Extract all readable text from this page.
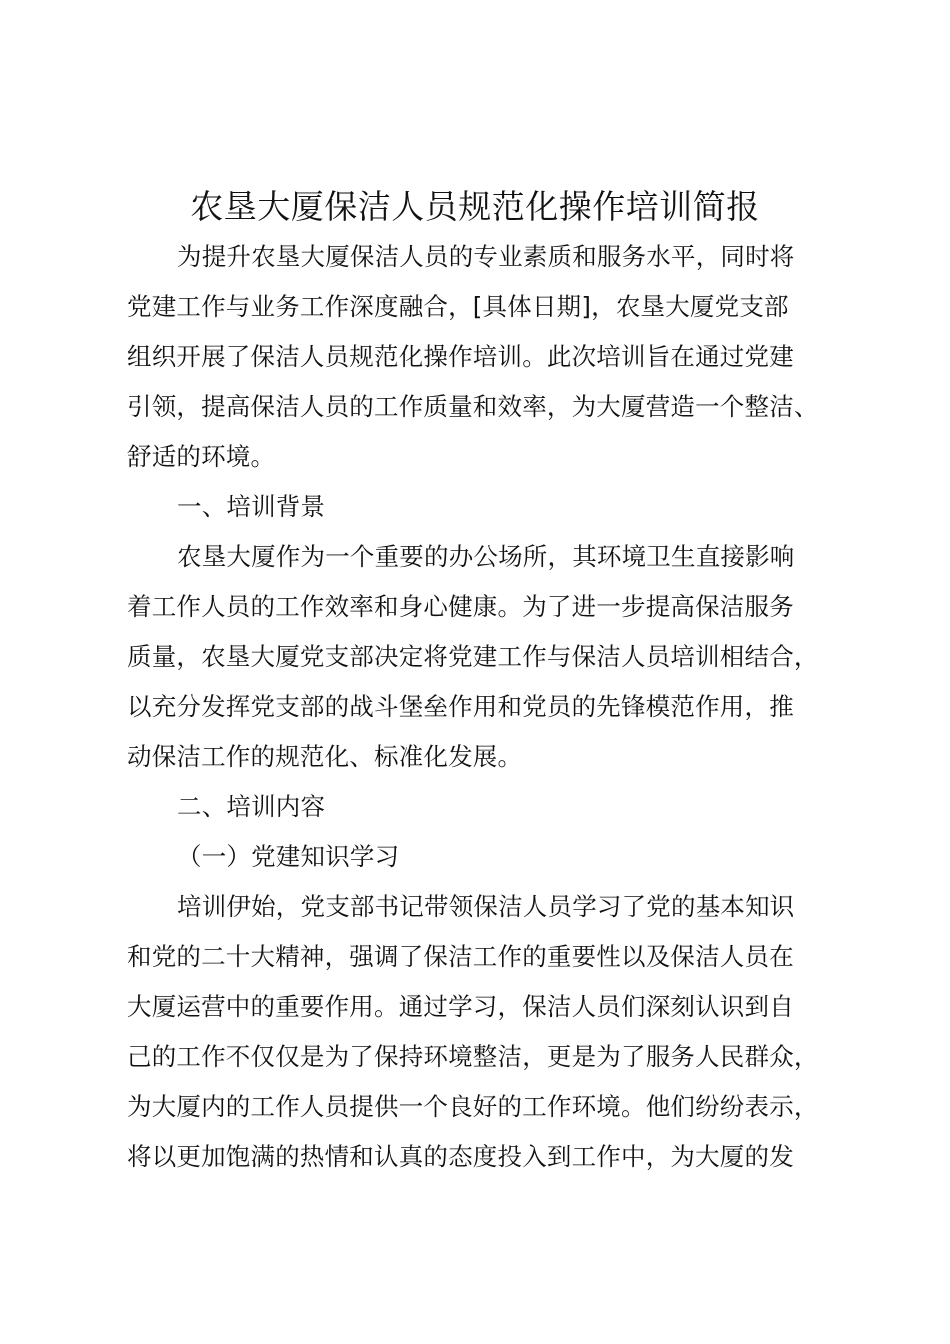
农垦大厦保洁人员规范化操作培训简报
为提升农垦大厦保洁人员的专业素质和服务水平，同时将
党建工作与业务工作深度融合，[具体日期]，农垦大厦党支部
组织开展了保洁人员规范化操作培训。此次培训旨在通过党建
引领，提高保洁人员的工作质量和效率，为大厦营造一个整洁、
舒适的环境。
一、培训背景
农垦大厦作为一个重要的办公场所，其环境卫生直接影响
着工作人员的工作效率和身心健康。为了进一步提高保洁服务
质量，农垦大厦党支部决定将党建工作与保洁人员培训相结合，
以充分发挥党支部的战斗堡垒作用和党员的先锋模范作用，推
动保洁工作的规范化、标准化发展。
二、培训内容
（一）党建知识学习
培训伊始，党支部书记带领保洁人员学习了党的基本知识
和党的二十大精神，强调了保洁工作的重要性以及保洁人员在
大厦运营中的重要作用。通过学习，保洁人员们深刻认识到自
己的工作不仅仅是为了保持环境整洁，更是为了服务人民群众，
为大厦内的工作人员提供一个良好的工作环境。他们纷纷表示，
将以更加饱满的热情和认真的态度投入到工作中，为大厦的发
